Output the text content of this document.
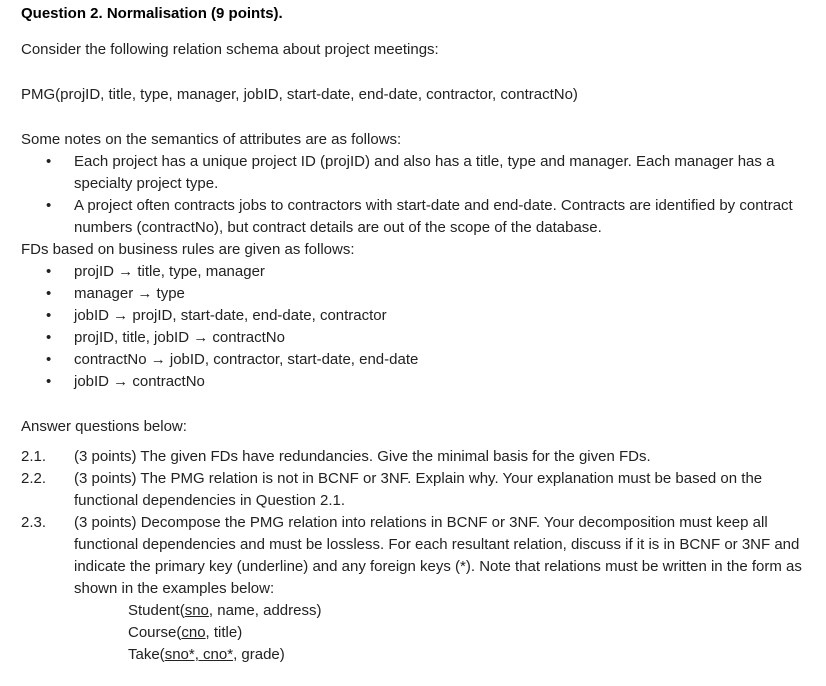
Question 2. Normalisation (9 points).
Consider the following relation schema about project meetings:
PMG(projID, title, type, manager, jobID, start-date, end-date, contractor, contractNo)
Some notes on the semantics of attributes are as follows:
• Each project has a unique project ID (projID) and also has a title, type and manager. Each manager has a specialty project type.
• A project often contracts jobs to contractors with start-date and end-date. Contracts are identified by contract numbers (contractNo), but contract details are out of the scope of the database.
FDs based on business rules are given as follows:
• projID → title, type, manager
• manager → type
• jobID → projID, start-date, end-date, contractor
• projID, title, jobID → contractNo
• contractNo → jobID, contractor, start-date, end-date
• jobID → contractNo
Answer questions below:
2.1. (3 points) The given FDs have redundancies. Give the minimal basis for the given FDs.
2.2. (3 points) The PMG relation is not in BCNF or 3NF. Explain why. Your explanation must be based on the functional dependencies in Question 2.1.
2.3. (3 points) Decompose the PMG relation into relations in BCNF or 3NF. Your decomposition must keep all functional dependencies and must be lossless. For each resultant relation, discuss if it is in BCNF or 3NF and indicate the primary key (underline) and any foreign keys (*). Note that relations must be written in the form as shown in the examples below:
Student(sno, name, address)
Course(cno, title)
Take(sno*, cno*, grade)
